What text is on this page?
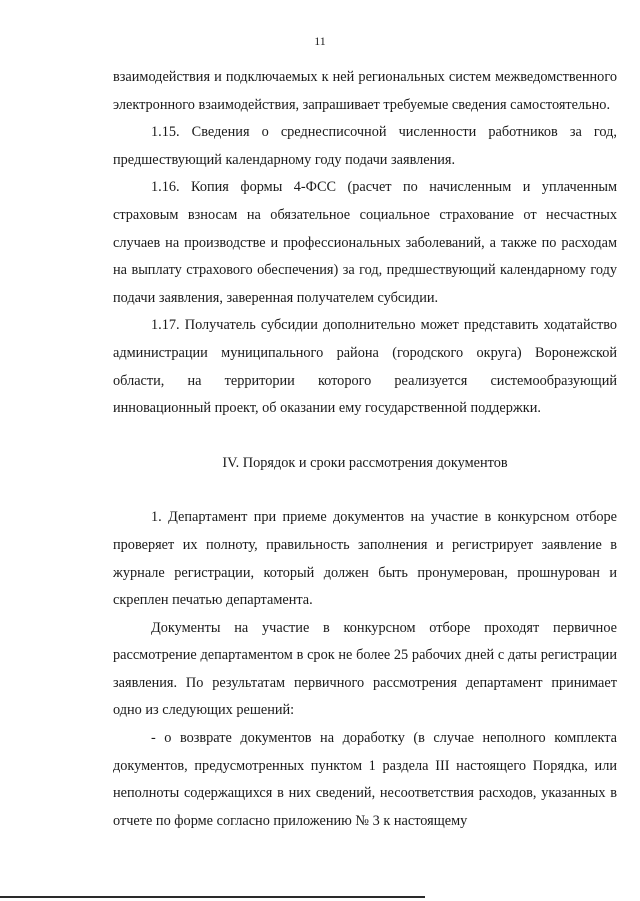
11

взаимодействия и подключаемых к ней региональных систем межведомственного электронного взаимодействия, запрашивает требуемые сведения самостоятельно.

1.15. Сведения о среднесписочной численности работников за год, предшествующий календарному году подачи заявления.

1.16. Копия формы 4-ФСС (расчет по начисленным и уплаченным страховым взносам на обязательное социальное страхование от несчастных случаев на производстве и профессиональных заболеваний, а также по расходам на выплату страхового обеспечения) за год, предшествующий календарному году подачи заявления, заверенная получателем субсидии.

1.17. Получатель субсидии дополнительно может представить ходатайство администрации муниципального района (городского округа) Воронежской области, на территории которого реализуется системообразующий инновационный проект, об оказании ему государственной поддержки.

IV. Порядок и сроки рассмотрения документов

1. Департамент при приеме документов на участие в конкурсном отборе проверяет их полноту, правильность заполнения и регистрирует заявление в журнале регистрации, который должен быть пронумерован, прошнурован и скреплен печатью департамента.

Документы на участие в конкурсном отборе проходят первичное рассмотрение департаментом в срок не более 25 рабочих дней с даты регистрации заявления. По результатам первичного рассмотрения департамент принимает одно из следующих решений:

- о возврате документов на доработку (в случае неполного комплекта документов, предусмотренных пунктом 1 раздела III настоящего Порядка, или неполноты содержащихся в них сведений, несоответствия расходов, указанных в отчете по форме согласно приложению № 3 к настоящему
